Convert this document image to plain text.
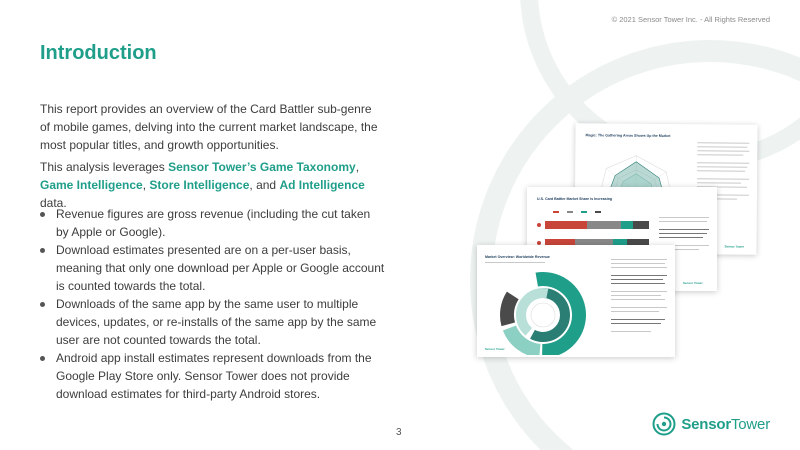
© 2021 Sensor Tower Inc. - All Rights Reserved
Introduction

This report provides an overview of the Card Battler sub-genre of mobile games, delving into the current market landscape, the most popular titles, and growth opportunities.

This analysis leverages Sensor Tower’s Game Taxonomy, Game Intelligence, Store Intelligence, and Ad Intelligence data.

Revenue figures are gross revenue (including the cut taken by Apple or Google).
Download estimates presented are on a per-user basis, meaning that only one download per Apple or Google account is counted towards the total.
Downloads of the same app by the same user to multiple devices, updates, or re-installs of the same app by the same user are not counted towards the total.
Android app install estimates represent downloads from the Google Play Store only. Sensor Tower does not provide download estimates for third-party Android stores.
Magic: The Gathering Areas Shows Up the Market
Sensor Tower
U.S. Card Battler Market Share is Increasing
Sensor Tower
Market Overview: Worldwide Revenue
Sensor Tower
3	SensorTower
